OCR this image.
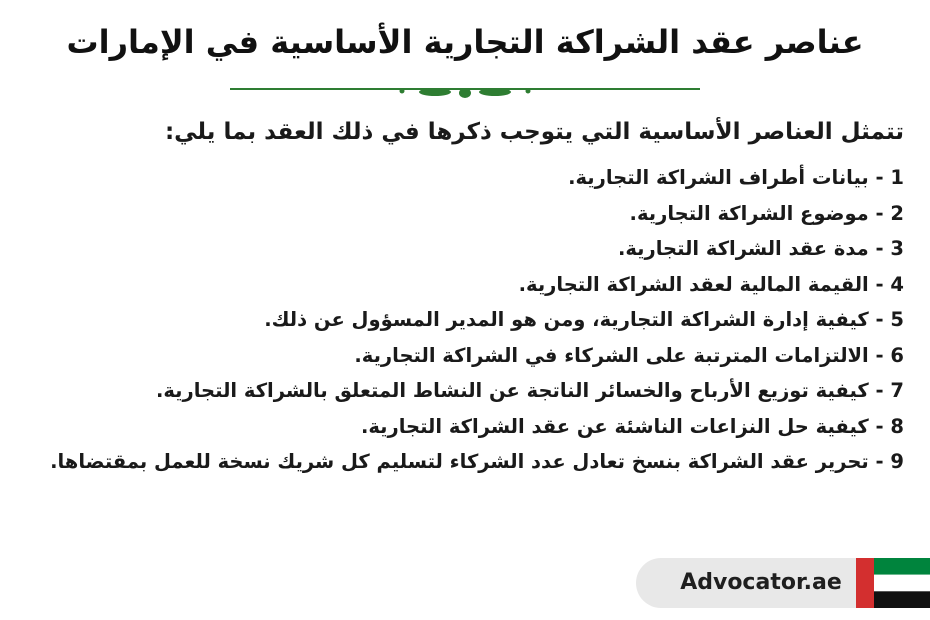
عناصر عقد الشراكة التجارية الأساسية في الإمارات

تتمثل العناصر الأساسية التي يتوجب ذكرها في ذلك العقد بما يلي:

1 - بيانات أطراف الشراكة التجارية.
2 - موضوع الشراكة التجارية.
3 - مدة عقد الشراكة التجارية.
4 - القيمة المالية لعقد الشراكة التجارية.
5 - كيفية إدارة الشراكة التجارية، ومن هو المدير المسؤول عن ذلك.
6 - الالتزامات المترتبة على الشركاء في الشراكة التجارية.
7 - كيفية توزيع الأرباح والخسائر الناتجة عن النشاط المتعلق بالشراكة التجارية.
8 - كيفية حل النزاعات الناشئة عن عقد الشراكة التجارية.
9 - تحرير عقد الشراكة بنسخ تعادل عدد الشركاء لتسليم كل شريك نسخة للعمل بمقتضاها.
Advocator.ae
